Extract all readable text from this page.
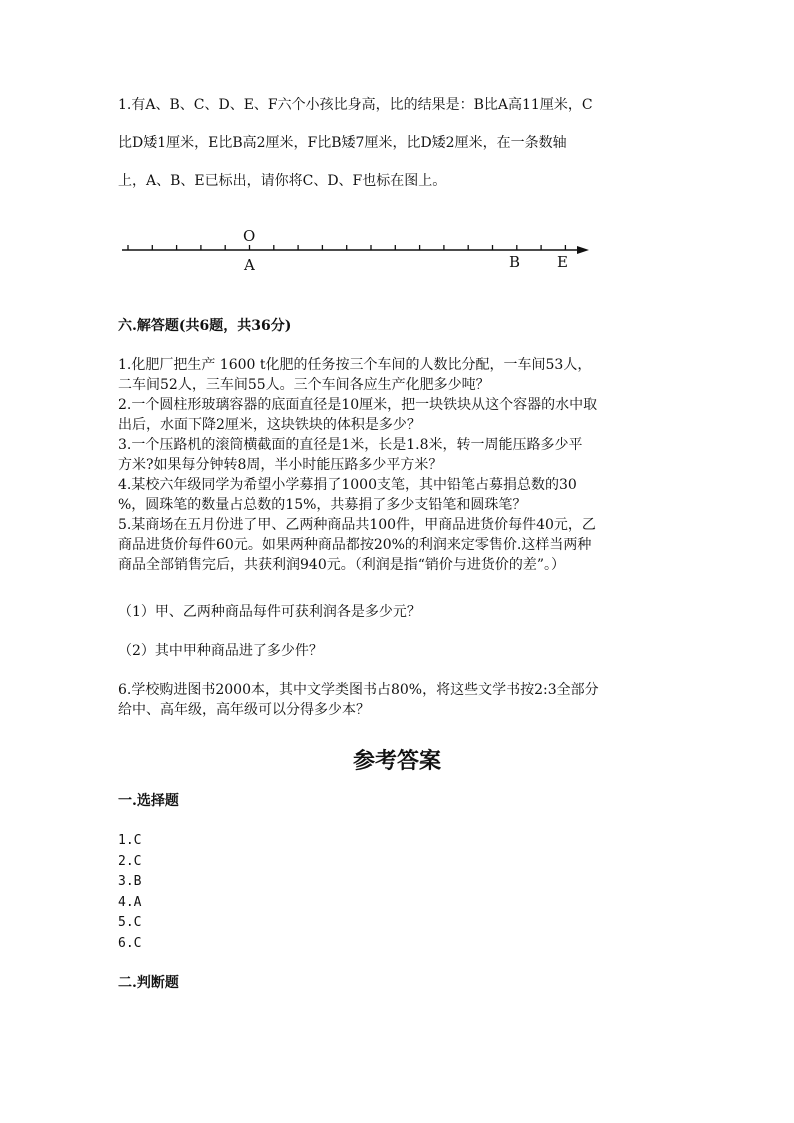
1.有A、B、C、D、E、F六个小孩比身高，比的结果是：B比A高11厘米，C
比D矮1厘米，E比B高2厘米，F比B矮7厘米，比D矮2厘米，在一条数轴
上，A、B、E已标出，请你将C、D、F也标在图上。
O
A	B E
六.解答题(共6题，共36分)
1.化肥厂把生产 1600 t化肥的任务按三个车间的人数比分配，一车间53人，
二车间52人，三车间55人。三个车间各应生产化肥多少吨？
2.一个圆柱形玻璃容器的底面直径是10厘米，把一块铁块从这个容器的水中取
出后，水面下降2厘米，这块铁块的体积是多少？
3.一个压路机的滚筒横截面的直径是1米，长是1.8米，转一周能压路多少平
方米?如果每分钟转8周，半小时能压路多少平方米？
4.某校六年级同学为希望小学募捐了1000支笔，其中铅笔占募捐总数的30
%，圆珠笔的数量占总数的15%，共募捐了多少支铅笔和圆珠笔？
5.某商场在五月份进了甲、乙两种商品共100件，甲商品进货价每件40元，乙
商品进货价每件60元。如果两种商品都按20%的利润来定零售价.这样当两种
商品全部销售完后，共获利润940元。（利润是指“销价与进货价的差”。）
（1）甲、乙两种商品每件可获利润各是多少元？
（2）其中甲种商品进了多少件？
6.学校购进图书2000本，其中文学类图书占80%，将这些文学书按2:3全部分
给中、高年级，高年级可以分得多少本？
参考答案
一.选择题
1.C
2.C
3.B
4.A
5.C
6.C
二.判断题
